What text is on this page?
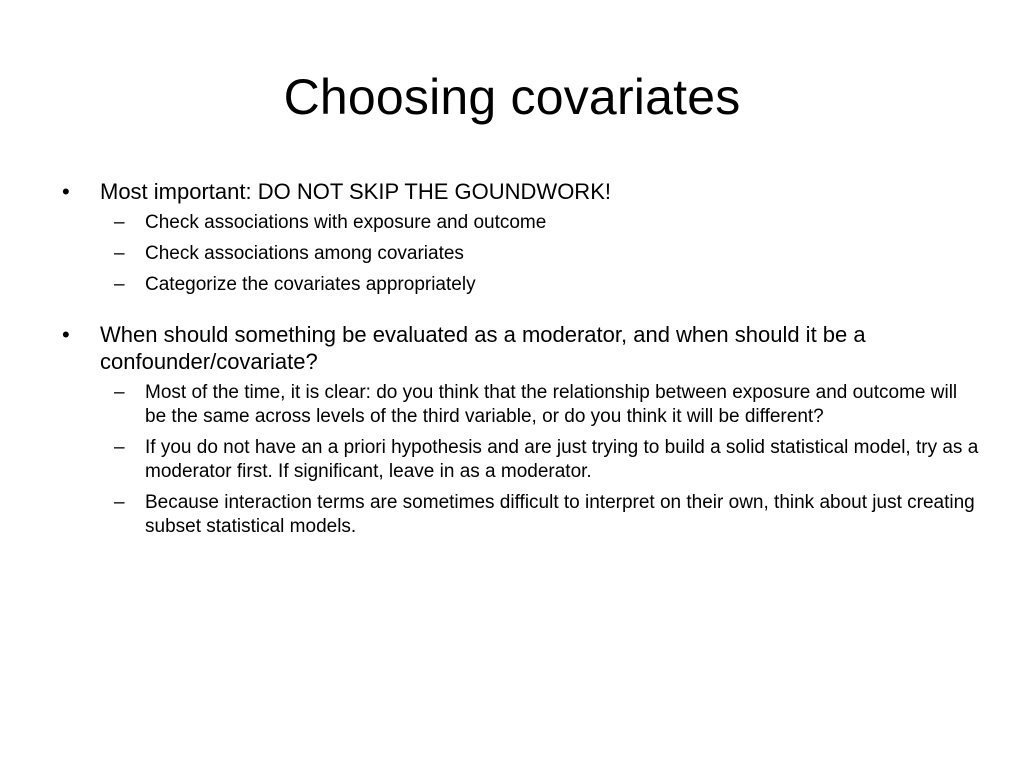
Choosing covariates
• Most important: DO NOT SKIP THE GOUNDWORK!
– Check associations with exposure and outcome
– Check associations among covariates
– Categorize the covariates appropriately
• When should something be evaluated as a moderator, and when should it be a confounder/covariate?
– Most of the time, it is clear: do you think that the relationship between exposure and outcome will be the same across levels of the third variable, or do you think it will be different?
– If you do not have an a priori hypothesis and are just trying to build a solid statistical model, try as a moderator first. If significant, leave in as a moderator.
– Because interaction terms are sometimes difficult to interpret on their own, think about just creating subset statistical models.
